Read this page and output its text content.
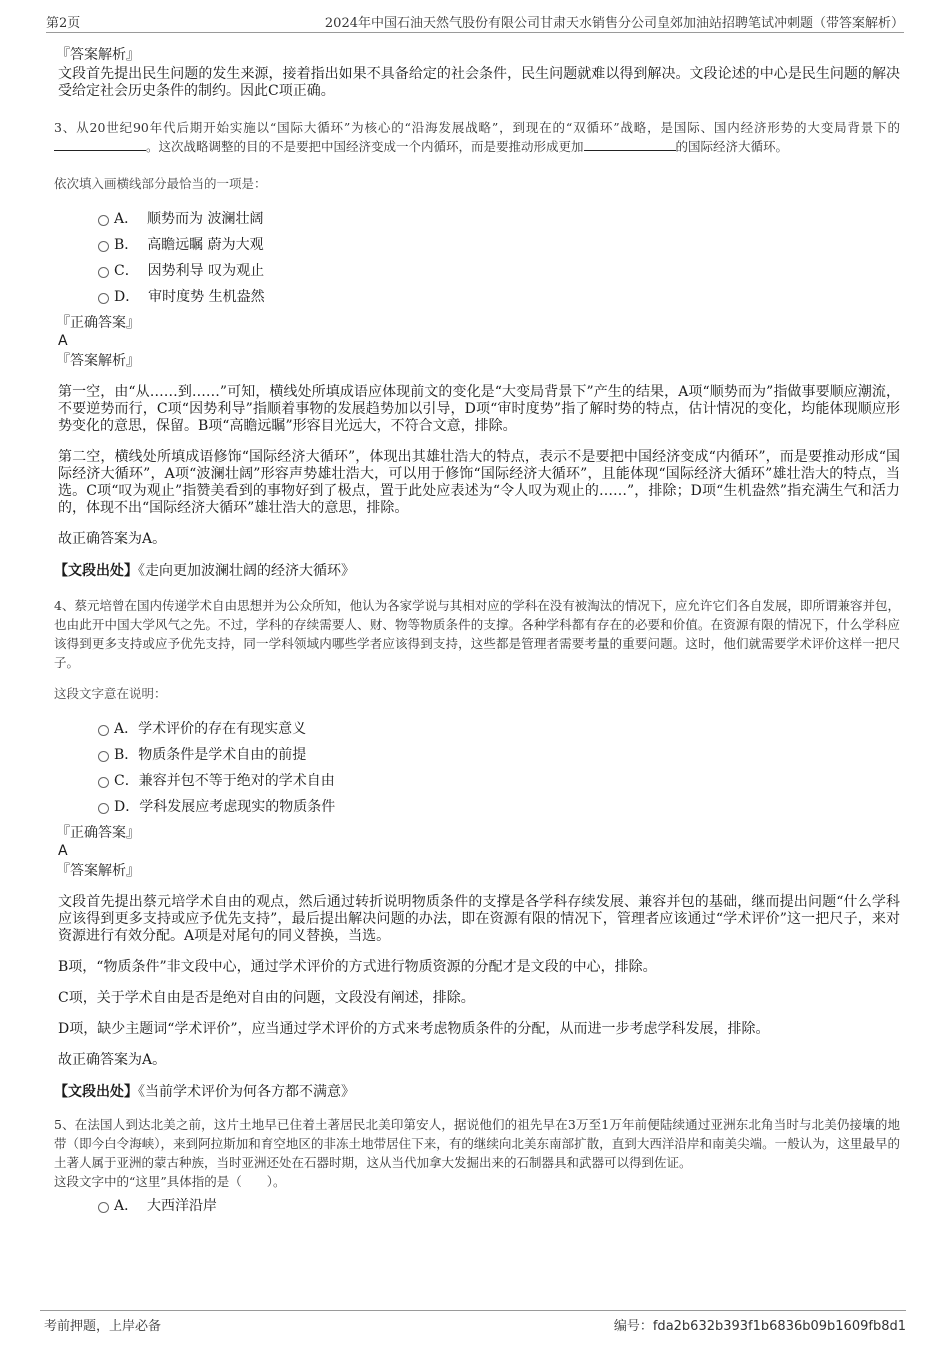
第2页	2024年中国石油天然气股份有限公司甘肃天水销售分公司皇郊加油站招聘笔试冲刺题（带答案解析）
『答案解析』

文段首先提出民生问题的发生来源，接着指出如果不具备给定的社会条件，民生问题就难以得到解决。文段论述的中心是民生问题的解决受给定社会历史条件的制约。因此C项正确。

3、从20世纪90年代后期开始实施以“国际大循环”为核心的“沿海发展战略”，到现在的“双循环”战略，是国际、国内经济形势的大变局背景下的。这次战略调整的目的不是要把中国经济变成一个内循环，而是要推动形成更加	的国际经济大循环。

依次填入画横线部分最恰当的一项是：

A． 顺势而为 波澜壮阔
B． 高瞻远瞩 蔚为大观
C． 因势利导 叹为观止
D． 审时度势 生机盎然
『正确答案』
A
『答案解析』

第一空，由“从……到……”可知，横线处所填成语应体现前文的变化是“大变局背景下”产生的结果，A项“顺势而为”指做事要顺应潮流，不要逆势而行，C项“因势利导”指顺着事物的发展趋势加以引导，D项“审时度势”指了解时势的特点，估计情况的变化，均能体现顺应形势变化的意思，保留。B项“高瞻远瞩”形容目光远大，不符合文意，排除。

第二空，横线处所填成语修饰“国际经济大循环”，体现出其雄壮浩大的特点，表示不是要把中国经济变成“内循环”，而是要推动形成“国际经济大循环”，A项“波澜壮阔”形容声势雄壮浩大，可以用于修饰“国际经济大循环”，且能体现“国际经济大循环”雄壮浩大的特点，当选。C项“叹为观止”指赞美看到的事物好到了极点，置于此处应表述为“令人叹为观止的……”，排除；D项“生机盎然”指充满生气和活力的，体现不出“国际经济大循环”雄壮浩大的意思，排除。

故正确答案为A。

【文段出处】《走向更加波澜壮阔的经济大循环》

4、蔡元培曾在国内传递学术自由思想并为公众所知，他认为各家学说与其相对应的学科在没有被淘汰的情况下，应允许它们各自发展，即所谓兼容并包，也由此开中国大学风气之先。不过，学科的存续需要人、财、物等物质条件的支撑。各种学科都有存在的必要和价值。在资源有限的情况下，什么学科应该得到更多支持或应予优先支持，同一学科领域内哪些学者应该得到支持，这些都是管理者需要考量的重要问题。这时，他们就需要学术评价这样一把尺子。

这段文字意在说明：

A．学术评价的存在有现实意义
B．物质条件是学术自由的前提
C．兼容并包不等于绝对的学术自由
D．学科发展应考虑现实的物质条件
『正确答案』
A
『答案解析』

文段首先提出蔡元培学术自由的观点，然后通过转折说明物质条件的支撑是各学科存续发展、兼容并包的基础，继而提出问题“什么学科应该得到更多支持或应予优先支持”，最后提出解决问题的办法，即在资源有限的情况下，管理者应该通过“学术评价”这一把尺子，来对资源进行有效分配。A项是对尾句的同义替换，当选。

B项，“物质条件”非文段中心，通过学术评价的方式进行物质资源的分配才是文段的中心，排除。

C项，关于学术自由是否是绝对自由的问题，文段没有阐述，排除。

D项，缺少主题词“学术评价”，应当通过学术评价的方式来考虑物质条件的分配，从而进一步考虑学科发展，排除。

故正确答案为A。

【文段出处】《当前学术评价为何各方都不满意》

5、在法国人到达北美之前，这片土地早已住着土著居民北美印第安人，据说他们的祖先早在3万至1万年前便陆续通过亚洲东北角当时与北美仍接壤的地带（即今白令海峡），来到阿拉斯加和育空地区的非冻土地带居住下来，有的继续向北美东南部扩散，直到大西洋沿岸和南美尖端。一般认为，这里最早的土著人属于亚洲的蒙古种族，当时亚洲还处在石器时期，这从当代加拿大发掘出来的石制器具和武器可以得到佐证。

这段文字中的“这里”具体指的是（　　）。

A． 大西洋沿岸
考前押题，上岸必备	编号：fda2b632b393f1b6836b09b1609fb8d1
